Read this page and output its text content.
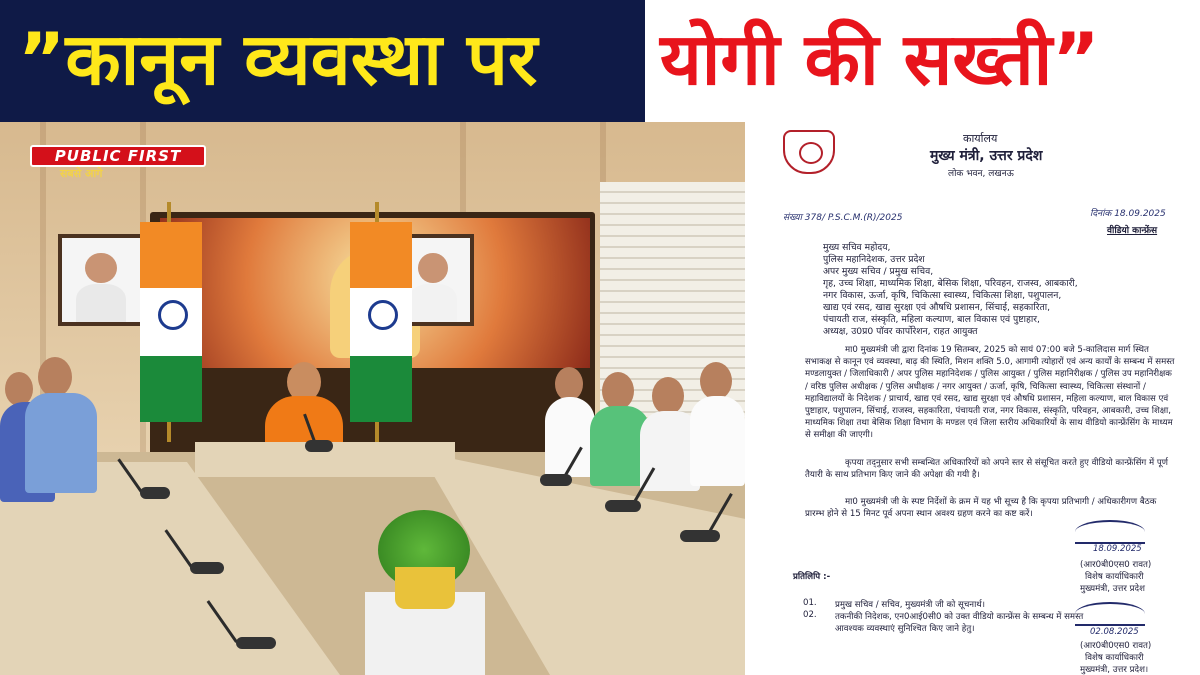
”कानून व्यवस्था पर योगी की सख्ती”
PUBLIC FIRST
सबसे आगे
कार्यालय
मुख्य मंत्री, उत्तर प्रदेश
लोक भवन, लखनऊ
संख्या 378/ P.S.C.M.(R)/2025	दिनांक 18.09.2025
वीडियो कान्फ्रेंस
मुख्य सचिव महोदय,
पुलिस महानिदेशक, उत्तर प्रदेश
अपर मुख्य सचिव / प्रमुख सचिव,
गृह, उच्च शिक्षा, माध्यमिक शिक्षा, बेसिक शिक्षा, परिवहन, राजस्व, आबकारी,
नगर विकास, ऊर्जा, कृषि, चिकित्सा स्वास्थ्य, चिकित्सा शिक्षा, पशुपालन,
खाद्य एवं रसद, खाद्य सुरक्षा एवं औषधि प्रशासन, सिंचाई, सहकारिता,
पंचायती राज, संस्कृति, महिला कल्याण, बाल विकास एवं पुष्टाहार,
अध्यक्ष, उ0प्र0 पॉवर कार्पोरेशन, राहत आयुक्त
मा0 मुख्यमंत्री जी द्वारा दिनांक 19 सितम्बर, 2025 को सायं 07:00 बजे 5-कालिदास मार्ग स्थित सभाकक्ष से कानून एवं व्यवस्था, बाढ़ की स्थिति, मिशन शक्ति 5.0, आगामी त्योहारों एवं अन्य कार्यों के सम्बन्ध में समस्त मण्डलायुक्त / जिलाधिकारी / अपर पुलिस महानिदेशक / पुलिस आयुक्त / पुलिस महानिरीक्षक / पुलिस उप महानिरीक्षक / वरिष्ठ पुलिस अधीक्षक / पुलिस अधीक्षक / नगर आयुक्त / ऊर्जा, कृषि, चिकित्सा स्वास्थ्य, चिकित्सा संस्थानों / महाविद्यालयों के निदेशक / प्राचार्य, खाद्य एवं रसद, खाद्य सुरक्षा एवं औषधि प्रशासन, महिला कल्याण, बाल विकास एवं पुष्टाहार, पशुपालन, सिंचाई, राजस्व, सहकारिता, पंचायती राज, नगर विकास, संस्कृति, परिवहन, आबकारी, उच्च शिक्षा, माध्यमिक शिक्षा तथा बेसिक शिक्षा विभाग के मण्डल एवं जिला स्तरीय अधिकारियों के साथ वीडियो कान्फ्रेंसिंग के माध्यम से समीक्षा की जाएगी।
कृपया तद्नुसार सभी सम्बन्धित अधिकारियों को अपने स्तर से संसूचित करते हुए वीडियो कान्फ्रेंसिंग में पूर्ण तैयारी के साथ प्रतिभाग किए जाने की अपेक्षा की गयी है।
मा0 मुख्यमंत्री जी के स्पष्ट निर्देशों के क्रम में यह भी सूच्य है कि कृपया प्रतिभागी / अधिकारीगण बैठक प्रारम्भ होने से 15 मिनट पूर्व अपना स्थान अवश्य ग्रहण करने का कष्ट करें।
18.09.2025
(आर0बी0एस0 रावत)
विशेष कार्याधिकारी
मुख्यमंत्री, उत्तर प्रदेश
प्रतिलिपि :-
01. प्रमुख सचिव / सचिव, मुख्यमंत्री जी को सूचनार्थ।
02. तकनीकी निदेशक, एन0आई0सी0 को उक्त वीडियो कान्फ्रेंस के सम्बन्ध में समस्त
आवश्यक व्यवस्थाएं सुनिश्चित किए जाने हेतु।	02.08.2025
(आर0बी0एस0 रावत)
विशेष कार्याधिकारी
मुख्यमंत्री, उत्तर प्रदेश।
